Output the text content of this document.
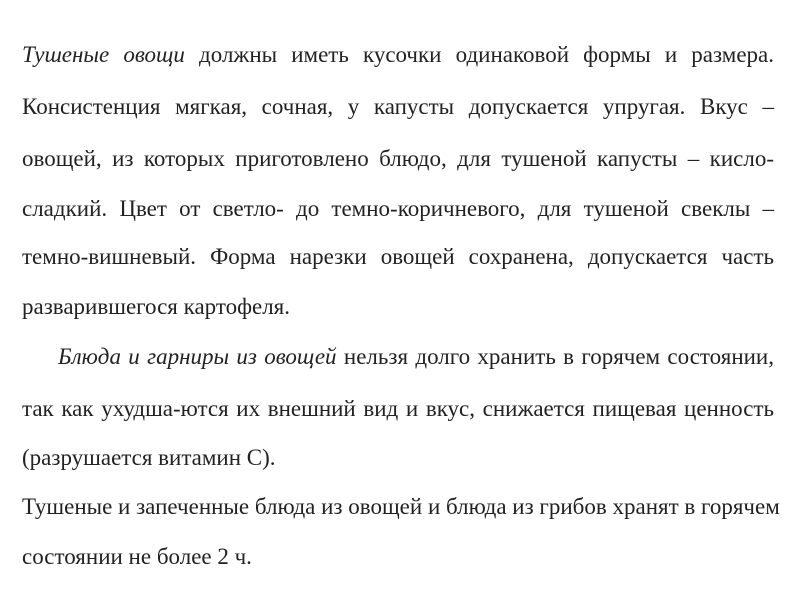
Тушеные овощи должны иметь кусочки одинаковой формы и размера.
Консистенция мягкая, сочная, у капусты допускается упругая. Вкус –
овощей, из которых приготовлено блюдо, для тушеной капусты – кисло-
сладкий. Цвет от светло- до темно-коричневого, для тушеной свеклы –
темно-вишневый. Форма нарезки овощей сохранена, допускается часть
разварившегося картофеля.
Блюда и гарниры из овощей нельзя долго хранить в горячем состоянии,
так как ухудша-ются их внешний вид и вкус, снижается пищевая ценность
(разрушается витамин С).
Тушеные и запеченные блюда из овощей и блюда из грибов хранят в горячем
состоянии не более 2 ч.
